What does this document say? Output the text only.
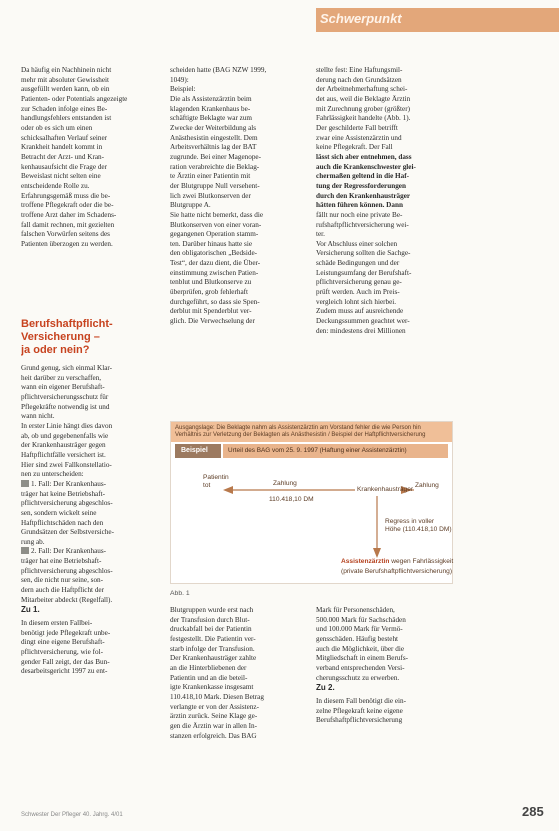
Schwerpunkt

Da häufig ein Nachhinein nicht
mehr mit absoluter Gewissheit
ausgefüllt werden kann, ob ein
Patienten- oder Potentials angezeigte
zur Schaden infolge eines Be-
handlungsfehlers entstanden ist
oder ob es sich um einen
schicksalhaften Verlauf seiner
Krankheit handelt kommt in
Betracht der Arzt- und Kran-
kenhausaufsicht die Frage der
Beweislast nicht selten eine
entscheidende Rolle zu.
Erfahrungsgemäß muss die be-
troffene Pflegekraft oder die be-
troffene Arzt daher im Schadens-
fall damit rechnen, mit gezielten
falschen Vorwürfen seitens des
Patienten überzogen zu werden.

Berufshaftpflicht-
Versicherung –
ja oder nein?

Grund genug, sich einmal Klar-
heit darüber zu verschaffen,
wann ein eigener Berufshaft-
pflichtversicherungsschutz für
Pflegekräfte notwendig ist und
wann nicht.
In erster Linie hängt dies davon
ab, ob und gegebenenfalls wie
der Krankenhausträger gegen
Haftpflichtfälle versichert ist.
Hier sind zwei Fallkonstellatio-
nen zu unterscheiden:

1. Fall: Der Krankenhaus-
träger hat keine Betriebshaft-
pflichtversicherung abgeschlos-
sen, sondern wickelt seine
Haftpflichtschäden nach den
Grundsätzen der Selbstversiche-
rung ab.

2. Fall: Der Krankenhaus-
träger hat eine Betriebshaft-
pflichtversicherung abgeschlos-
sen, die nicht nur seine, son-
dern auch die Haftpflicht der
Mitarbeiter abdeckt (Regelfall).

Zu 1.

In diesem ersten Fallbei-
benötigt jede Pflegekraft unbe-
dingt eine eigene Berufshaft-
pflichtversicherung, wie fol-
gender Fall zeigt, der das Bun-
desarbeitsgericht 1997 zu ent-

scheiden hatte (BAG NZW 1999,
1049):

Beispiel:
Die als Assistenzärztin beim
klagenden Krankenhaus be-
schäftigte Beklagte war zum
Zwecke der Weiterbildung als
Anästhesistin eingestellt. Dem
Arbeitsverhältnis lag der BAT
zugrunde. Bei einer Magenope-
ration verabreichte die Beklag-
te Ärztin einer Patientin mit
der Blutgruppe Null versehent-
lich zwei Blutkonserven der
Blutgruppe A.
Sie hatte nicht bemerkt, dass die
Blutkonserven von einer voran-
gegangenen Operation stamm-
ten. Darüber hinaus hatte sie
den obligatorischen „Bedside-
Test“, der dazu dient, die Über-
einstimmung zwischen Patien-
tenblut und Blutkonserve zu
überprüfen, grob fehlerhaft
durchgeführt, so dass sie Spen-
derblut mit Spenderblut ver-
glich. Die Verwechselung der

stellte fest: Eine Haftungsmil-
derung nach den Grundsätzen
der Arbeitnehmerhaftung schei-
det aus, weil die Beklagte Ärztin
mit Zurechnung grober (größter)
Fahrlässigkeit handelte (Abb. 1).
Der geschilderte Fall betrifft
zwar eine Assistenzärztin und
keine Pflegekraft. Der Fall
lässt sich aber entnehmen, dass
auch die Krankenschwester glei-
chermaßen geltend in die Haf-
tung der Regressforderungen
durch den Krankenhausträger
hätten führen können. Dann
fällt nur noch eine private Be-
rufshaftpflichtversicherung wei-
ter.
Vor Abschluss einer solchen
Versicherung sollten die Sachge-
schäde Bedingungen und der
Leistungsumfang der Berufshaft-
pflichtversicherung genau ge-
prüft werden. Auch im Preis-
vergleich lohnt sich hierbei.
Zudem muss auf ausreichende
Deckungssummen geachtet wer-
den: mindestens drei Millionen

Ausgangslage: Die Beklagte nahm als Assistenzärztin am Vorstand fehler die wie Person hin Verhältnis zur Verletzung der Beklagten als Anästhesistin / Beispiel der Haftpflichtversicherung
Beispiel	Urteil des BAG vom 25. 9. 1997 (Haftung einer Assistenzärztin)
Patientin tot	Zahlung
110.418,10 DM
Krankenhausträger
Zahlung
Regress in voller
Höhe (110.418,10 DM)
Assistenzärztin wegen Fahrlässigkeit
(private Berufshaftpflichtversicherung)
Abb. 1

Blutgruppen wurde erst nach
der Transfusion durch Blut-
druckabfall bei der Patientin
festgestellt. Die Patientin ver-
starb infolge der Transfusion.
Der Krankenhausträger zahlte
an die Hinterbliebenen der
Patientin und an die beteil-
igte Krankenkasse insgesamt
110.418,10 Mark. Diesen Betrag
verlangte er von der Assistenz-
ärztin zurück. Seine Klage ge-
gen die Ärztin war in allen In-
stanzen erfolgreich. Das BAG

Mark für Personenschäden,
500.000 Mark für Sachschäden
und 100.000 Mark für Vermö-
gensschäden. Häufig besteht
auch die Möglichkeit, über die
Mitgliedschaft in einem Berufs-
verband entsprechenden Versi-
cherungsschutz zu erwerben.

Zu 2.

In diesem Fall benötigt die ein-
zelne Pflegekraft keine eigene
Berufshaftpflichtversicherung

Schwester Der Pfleger 40. Jahrg. 4/01	285
